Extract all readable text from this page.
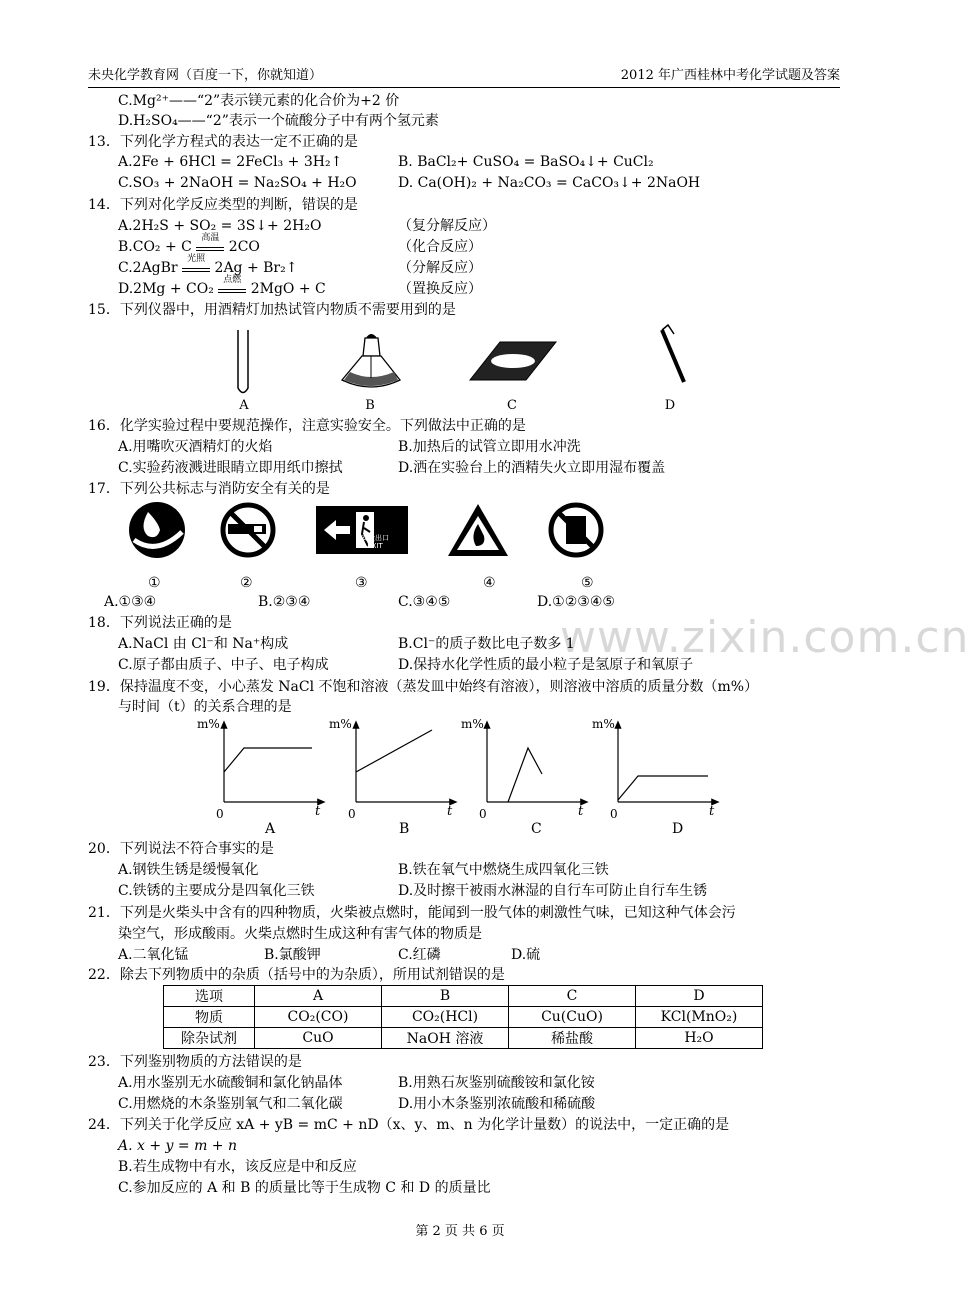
未央化学教育网（百度一下，你就知道）	2012 年广西桂林中考化学试题及答案
www.zixin.com.cn
C.Mg²⁺——“2”表示镁元素的化合价为+2 价
D.H₂SO₄——“2”表示一个硫酸分子中有两个氢元素
13．下列化学方程式的表达一定不正确的是
A.2Fe + 6HCl = 2FeCl₃ + 3H₂↑	B. BaCl₂+ CuSO₄ = BaSO₄↓+ CuCl₂
C.SO₃ + 2NaOH = Na₂SO₄ + H₂O	D. Ca(OH)₂ + Na₂CO₃ = CaCO₃↓+ 2NaOH
14．下列对化学反应类型的判断，错误的是
A.2H₂S + SO₂ = 3S↓+ 2H₂O	（复分解反应）
B.CO₂ + C
高温
2CO	（化合反应）
C.2AgBr
光照
2Ag + Br₂↑	（分解反应）
D.2Mg + CO₂
点燃
2MgO + C	（置换反应）
15．下列仪器中，用酒精灯加热试管内物质不需要用到的是
A	B	C	D
16．化学实验过程中要规范操作，注意实验安全。下列做法中正确的是
A.用嘴吹灭酒精灯的火焰	B.加热后的试管立即用水冲洗
C.实验药液溅进眼睛立即用纸巾擦拭	D.洒在实验台上的酒精失火立即用湿布覆盖
17．下列公共标志与消防安全有关的是
安全出口
EXIT
①	②	③	④	⑤
A.①③④	B.②③④	C.③④⑤	D.①②③④⑤
18．下列说法正确的是
A.NaCl 由 Cl⁻和 Na⁺构成	B.Cl⁻的质子数比电子数多 1
C.原子都由质子、中子、电子构成	D.保持水化学性质的最小粒子是氢原子和氧原子
19．保持温度不变，小心蒸发 NaCl 不饱和溶液（蒸发皿中始终有溶液），则溶液中溶质的质量分数（m%）
与时间（t）的关系合理的是
m%	m%	m%	m%
t	t	t	t
0	0	0	0
A	B	C	D
20．下列说法不符合事实的是
A.钢铁生锈是缓慢氧化	B.铁在氧气中燃烧生成四氧化三铁
C.铁锈的主要成分是四氧化三铁	D.及时擦干被雨水淋湿的自行车可防止自行车生锈
21．下列是火柴头中含有的四种物质，火柴被点燃时，能闻到一股气体的刺激性气味，已知这种气体会污
染空气，形成酸雨。火柴点燃时生成这种有害气体的物质是
A.二氧化锰	B.氯酸钾	C.红磷	D.硫
22．除去下列物质中的杂质（括号中的为杂质），所用试剂错误的是
选项	A	B	C	D
物质	CO₂(CO)	CO₂(HCl)	Cu(CuO)	KCl(MnO₂)
除杂试剂	CuO	NaOH 溶液	稀盐酸	H₂O
23．下列鉴别物质的方法错误的是
A.用水鉴别无水硫酸铜和氯化钠晶体	B.用熟石灰鉴别硫酸铵和氯化铵
C.用燃烧的木条鉴别氧气和二氧化碳	D.用小木条鉴别浓硫酸和稀硫酸
24．下列关于化学反应 xA + yB = mC + nD（x、y、m、n 为化学计量数）的说法中，一定正确的是
A. x + y = m + n
B.若生成物中有水，该反应是中和反应
C.参加反应的 A 和 B 的质量比等于生成物 C 和 D 的质量比
第 2 页 共 6 页
